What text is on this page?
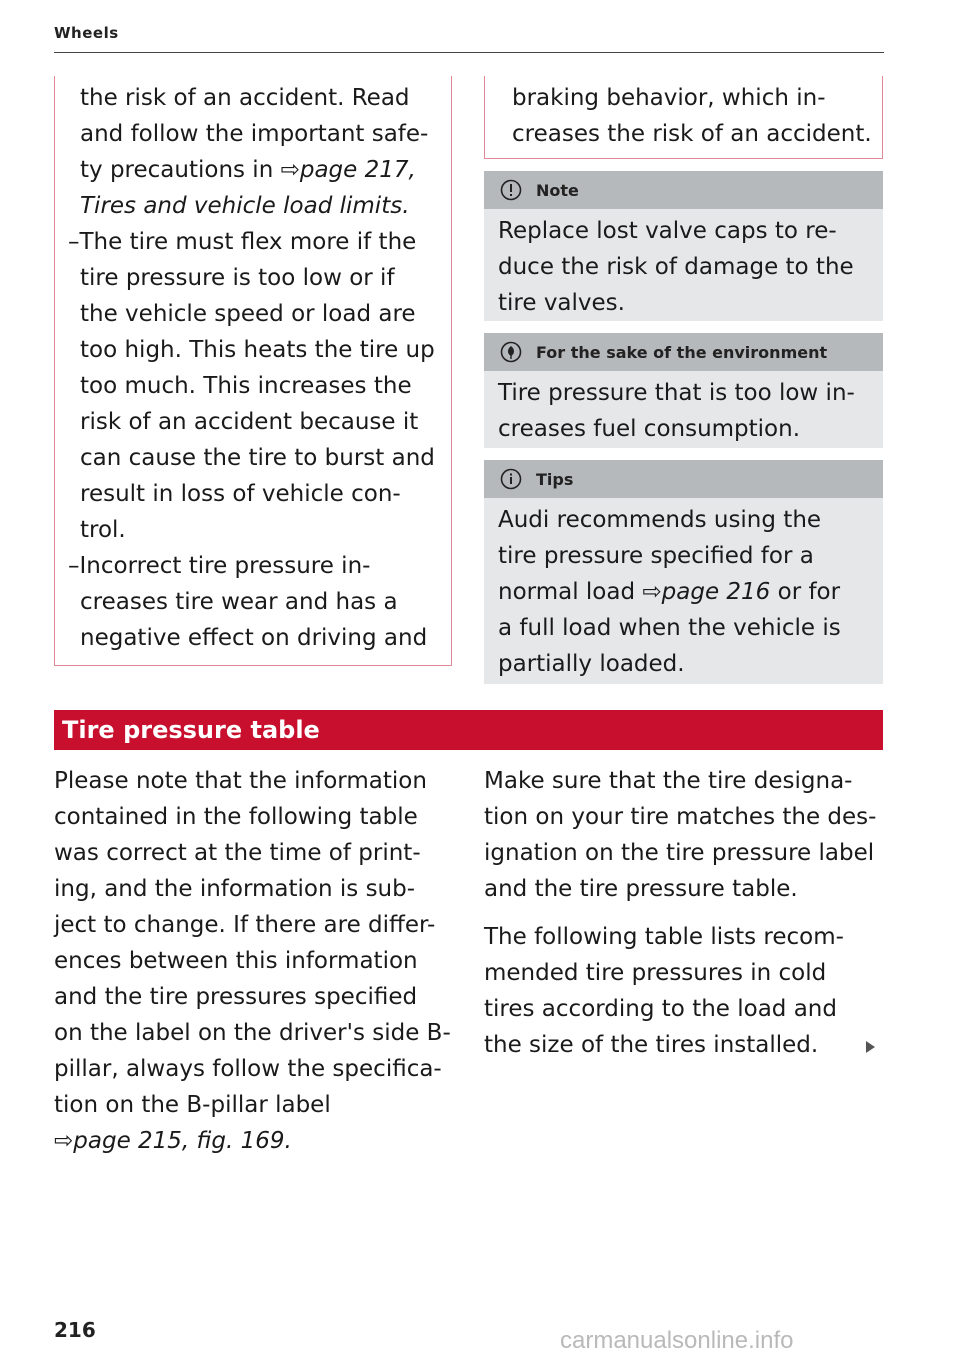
Wheels

the risk of an accident. Read

and follow the important safe-

ty precautions in ⇨page 217,

Tires and vehicle load limits.

–The tire must flex more if the

tire pressure is too low or if

the vehicle speed or load are

too high. This heats the tire up

too much. This increases the

risk of an accident because it

can cause the tire to burst and

result in loss of vehicle con-

trol.

–Incorrect tire pressure in-

creases tire wear and has a

negative effect on driving and

braking behavior, which in-

creases the risk of an accident.

Note

Replace lost valve caps to re-

duce the risk of damage to the

tire valves.

For the sake of the environment

Tire pressure that is too low in-

creases fuel consumption.

Tips

Audi recommends using the

tire pressure specified for a

normal load ⇨page 216 or for

a full load when the vehicle is

partially loaded.

Tire pressure table

Please note that the information

contained in the following table

was correct at the time of print-

ing, and the information is sub-

ject to change. If there are differ-

ences between this information

and the tire pressures specified

on the label on the driver's side B-

pillar, always follow the specifica-

tion on the B-pillar label

⇨page 215, fig. 169.

Make sure that the tire designa-

tion on your tire matches the des-

ignation on the tire pressure label

and the tire pressure table.

The following table lists recom-

mended tire pressures in cold

tires according to the load and

the size of the tires installed.

216	carmanualsonline.info
